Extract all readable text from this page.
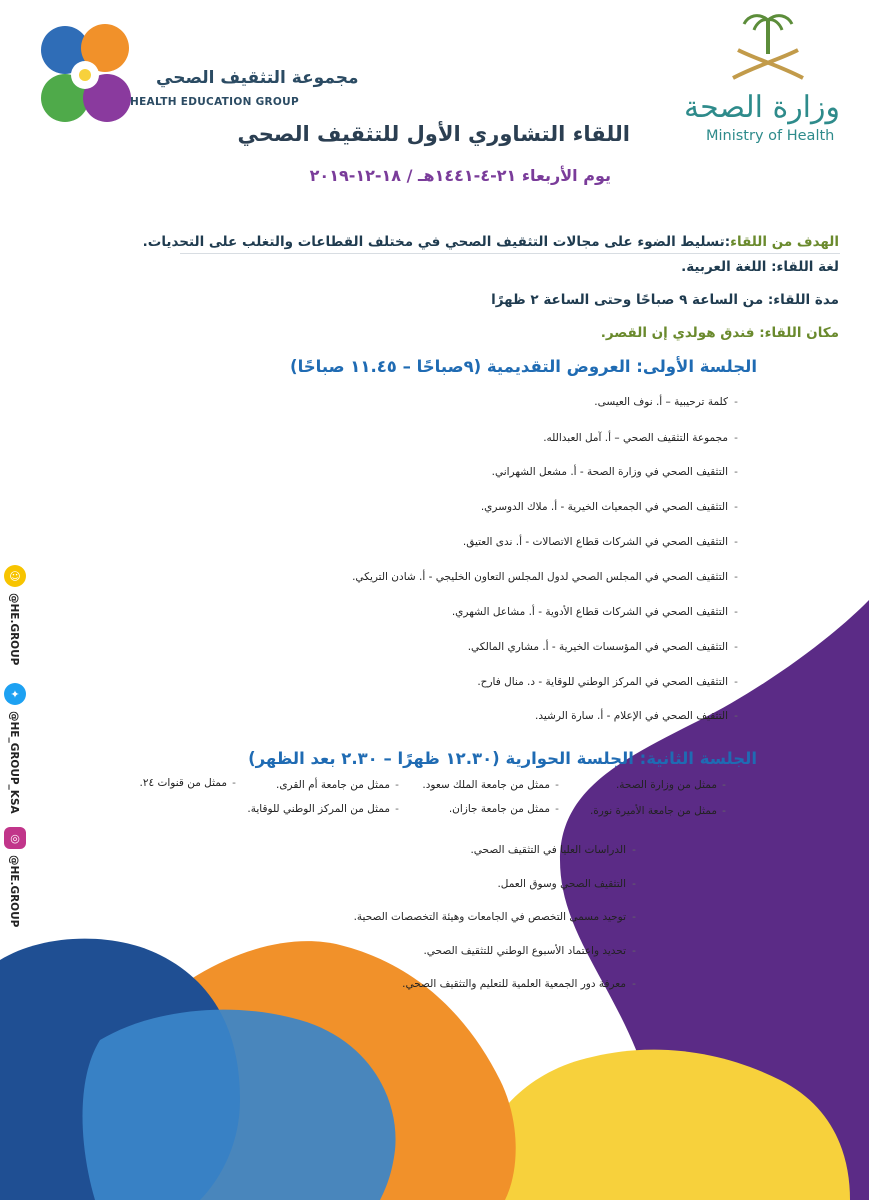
مجموعة التثقيف الصحي
HEALTH EDUCATION GROUP	وزارة الصحة
Ministry of Health
اللقاء التشاوري الأول للتثقيف الصحي
يوم الأربعاء ٢١-٤-١٤٤١هـ / ١٨-١٢-٢٠١٩
الهدف من اللقاء:تسليط الضوء على مجالات التثقيف الصحي في مختلف القطاعات والتغلب على التحديات.
لغة اللقاء: اللغة العربية.
مدة اللقاء: من الساعة ٩ صباحًا وحتى الساعة ٢ ظهرًا
مكان اللقاء: فندق هولدي إن القصر.
الجلسة الأولى: العروض التقديمية (٩صباحًا – ١١.٤٥ صباحًا)
-كلمة ترحيبية – أ. نوف العيسى.
-مجموعة التثقيف الصحي – أ. آمل العبدالله.
-التثقيف الصحي في وزارة الصحة - أ. مشعل الشهراني.
-التثقيف الصحي في الجمعيات الخيرية - أ. ملاك الدوسري.
-التثقيف الصحي في الشركات قطاع الاتصالات - أ. ندى العتيق.
-التثقيف الصحي في المجلس الصحي لدول المجلس التعاون الخليجي - أ. شادن التريكي.
-التثقيف الصحي في الشركات قطاع الأدوية - أ. مشاعل الشهري.
-التثقيف الصحي في المؤسسات الخيرية - أ. مشاري المالكي.
-التثقيف الصحي في المركز الوطني للوقاية - د. منال فارح.
-التثقيف الصحي في الإعلام - أ. سارة الرشيد.
الجلسة الثانية: الجلسة الحوارية (١٢.٣٠ ظهرًا – ٢.٣٠ بعد الظهر)
-ممثل من وزارة الصحة.
-ممثل من جامعة الملك سعود.
-ممثل من جامعة أم القرى.
-ممثل من قنوات ٢٤.
-ممثل من جامعة الأميرة نورة.
-ممثل من جامعة جازان.
-ممثل من المركز الوطني للوقاية.
-الدراسات العليا في التثقيف الصحي.
-التثقيف الصحي وسوق العمل.
-توحيد مسمى التخصص في الجامعات وهيئة التخصصات الصحية.
-تحديد واعتماد الأسبوع الوطني للتثقيف الصحي.
-معرفة دور الجمعية العلمية للتعليم والتثقيف الصحي.
☺
@HE.GROUP
✦
@HE_GROUP_KSA
◎
@HE.GROUP
